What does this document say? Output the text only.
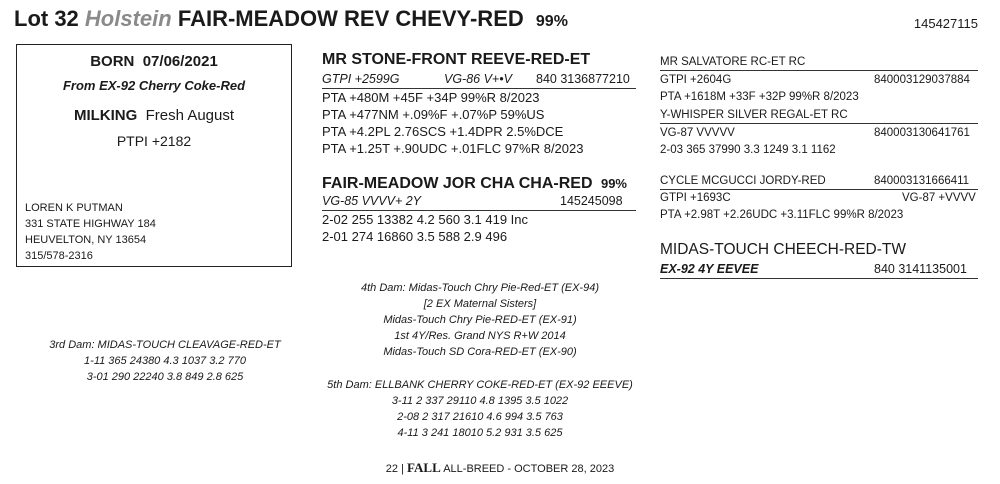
Lot 32 Holstein FAIR-MEADOW REV CHEVY-RED 99%	145427115
BORN 07/06/2021
From EX-92 Cherry Coke-Red
MILKING Fresh August
PTPI +2182
LOREN K PUTMAN
331 STATE HIGHWAY 184
HEUVELTON, NY 13654
315/578-2316
MR STONE-FRONT REEVE-RED-ET
GTPI +2599G	VG-86 V+•V 840 3136877210
PTA +480M +45F +34P 99%R 8/2023
PTA +477NM +.09%F +.07%P 59%US
PTA +4.2PL 2.76SCS +1.4DPR 2.5%DCE
PTA +1.25T +.90UDC +.01FLC 97%R 8/2023
FAIR-MEADOW JOR CHA CHA-RED 99%
VG-85 VVVV+ 2Y	145245098
2-02 255 13382 4.2 560 3.1 419 Inc
2-01 274 16860 3.5 588 2.9 496
MR SALVATORE RC-ET RC
GTPI +2604G	840003129037884
PTA +1618M +33F +32P 99%R 8/2023
Y-WHISPER SILVER REGAL-ET RC
VG-87 VVVVV	840003130641761
2-03 365 37990 3.3 1249 3.1 1162
CYCLE MCGUCCI JORDY-RED	840003131666411
GTPI +1693C	VG-87 +VVVV
PTA +2.98T +2.26UDC +3.11FLC 99%R 8/2023
MIDAS-TOUCH CHEECH-RED-TW
EX-92 4Y EEVEE	840 3141135001
4th Dam: Midas-Touch Chry Pie-Red-ET (EX-94)
[2 EX Maternal Sisters]
Midas-Touch Chry Pie-RED-ET (EX-91)
1st 4Y/Res. Grand NYS R+W 2014
Midas-Touch SD Cora-RED-ET (EX-90)
3rd Dam: MIDAS-TOUCH CLEAVAGE-RED-ET
1-11 365 24380 4.3 1037 3.2 770
3-01 290 22240 3.8 849 2.8 625
5th Dam: ELLBANK CHERRY COKE-RED-ET (EX-92 EEEVE)
3-11 2 337 29110 4.8 1395 3.5 1022
2-08 2 317 21610 4.6 994 3.5 763
4-11 3 241 18010 5.2 931 3.5 625
22 | FALL ALL-BREED - OCTOBER 28, 2023
